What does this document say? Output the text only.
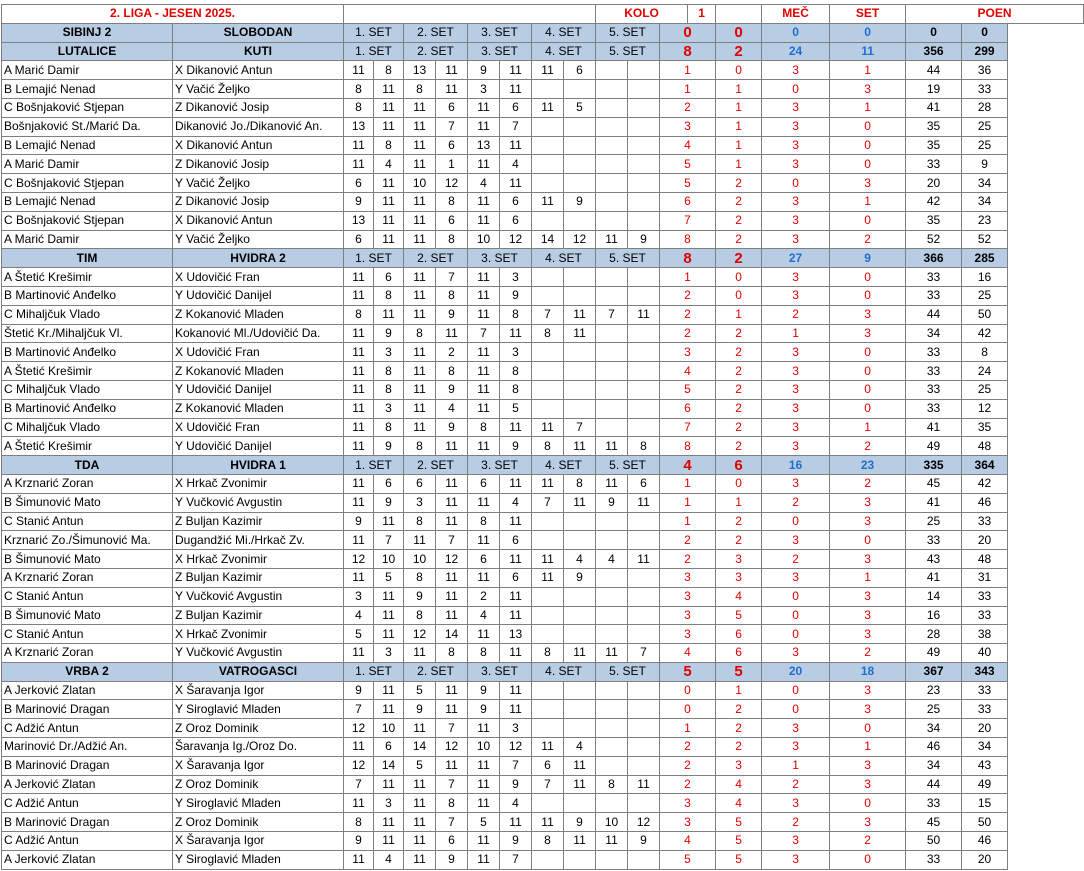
2. LIGA - JESEN 2025.										KOLO			1		MEČ	SET	POEN	
SIBINJ 2	SLOBODAN	1. SET		2. SET		3. SET		4. SET		5. SET		0		0	0	0	0	0
LUTALICE	KUTI	1. SET		2. SET		3. SET		4. SET		5. SET		8		2	24	11	356	299
A Marić Damir	X Dikanović Antun	11	8	13	11	9	11	11	6			1		0	3	1	44	36
B Lemajić Nenad	Y Vačić Željko	8	11	8	11	3	11					1		1	0	3	19	33
C Bošnjaković Stjepan	Z Dikanović Josip	8	11	11	6	11	6	11	5			2		1	3	1	41	28
Bošnjaković St./Marić Da.	Dikanović Jo./Dikanović An.	13	11	11	7	11	7					3		1	3	0	35	25
B Lemajić Nenad	X Dikanović Antun	11	8	11	6	13	11					4		1	3	0	35	25
A Marić Damir	Z Dikanović Josip	11	4	11	1	11	4					5		1	3	0	33	9
C Bošnjaković Stjepan	Y Vačić Željko	6	11	10	12	4	11					5		2	0	3	20	34
B Lemajić Nenad	Z Dikanović Josip	9	11	11	8	11	6	11	9			6		2	3	1	42	34
C Bošnjaković Stjepan	X Dikanović Antun	13	11	11	6	11	6					7		2	3	0	35	23
A Marić Damir	Y Vačić Željko	6	11	11	8	10	12	14	12	11	9	8		2	3	2	52	52
TIM	HVIDRA 2	1. SET		2. SET		3. SET		4. SET		5. SET		8		2	27	9	366	285
A Štetić Krešimir	X Udovičić Fran	11	6	11	7	11	3					1		0	3	0	33	16
B Martinović Anđelko	Y Udovičić Danijel	11	8	11	8	11	9					2		0	3	0	33	25
C Mihaljčuk Vlado	Z Kokanović Mladen	8	11	11	9	11	8	7	11	7	11	2		1	2	3	44	50
Štetić Kr./Mihaljčuk Vl.	Kokanović Ml./Udovičić Da.	11	9	8	11	7	11	8	11			2		2	1	3	34	42
B Martinović Anđelko	X Udovičić Fran	11	3	11	2	11	3					3		2	3	0	33	8
A Štetić Krešimir	Z Kokanović Mladen	11	8	11	8	11	8					4		2	3	0	33	24
C Mihaljčuk Vlado	Y Udovičić Danijel	11	8	11	9	11	8					5		2	3	0	33	25
B Martinović Anđelko	Z Kokanović Mladen	11	3	11	4	11	5					6		2	3	0	33	12
C Mihaljčuk Vlado	X Udovičić Fran	11	8	11	9	8	11	11	7			7		2	3	1	41	35
A Štetić Krešimir	Y Udovičić Danijel	11	9	8	11	11	9	8	11	11	8	8		2	3	2	49	48
TDA	HVIDRA 1	1. SET		2. SET		3. SET		4. SET		5. SET		4		6	16	23	335	364
A Krznarić Zoran	X Hrkač Zvonimir	11	6	6	11	6	11	11	8	11	6	1		0	3	2	45	42
B Šimunović Mato	Y Vučković Avgustin	11	9	3	11	11	4	7	11	9	11	1		1	2	3	41	46
C Stanić Antun	Z Buljan Kazimir	9	11	8	11	8	11					1		2	0	3	25	33
Krznarić Zo./Šimunović Ma.	Dugandžić Mi./Hrkač Zv.	11	7	11	7	11	6					2		2	3	0	33	20
B Šimunović Mato	X Hrkač Zvonimir	12	10	10	12	6	11	11	4	4	11	2		3	2	3	43	48
A Krznarić Zoran	Z Buljan Kazimir	11	5	8	11	11	6	11	9			3		3	3	1	41	31
C Stanić Antun	Y Vučković Avgustin	3	11	9	11	2	11					3		4	0	3	14	33
B Šimunović Mato	Z Buljan Kazimir	4	11	8	11	4	11					3		5	0	3	16	33
C Stanić Antun	X Hrkač Zvonimir	5	11	12	14	11	13					3		6	0	3	28	38
A Krznarić Zoran	Y Vučković Avgustin	11	3	11	8	8	11	8	11	11	7	4		6	3	2	49	40
VRBA 2	VATROGASCI	1. SET		2. SET		3. SET		4. SET		5. SET		5		5	20	18	367	343
A Jerković Zlatan	X Šaravanja Igor	9	11	5	11	9	11					0		1	0	3	23	33
B Marinović Dragan	Y Siroglavić Mladen	7	11	9	11	9	11					0		2	0	3	25	33
C Adžić Antun	Z Oroz Dominik	12	10	11	7	11	3					1		2	3	0	34	20
Marinović Dr./Adžić An.	Šaravanja Ig./Oroz Do.	11	6	14	12	10	12	11	4			2		2	3	1	46	34
B Marinović Dragan	X Šaravanja Igor	12	14	5	11	11	7	6	11			2		3	1	3	34	43
A Jerković Zlatan	Z Oroz Dominik	7	11	11	7	11	9	7	11	8	11	2		4	2	3	44	49
C Adžić Antun	Y Siroglavić Mladen	11	3	11	8	11	4					3		4	3	0	33	15
B Marinović Dragan	Z Oroz Dominik	8	11	11	7	5	11	11	9	10	12	3		5	2	3	45	50
C Adžić Antun	X Šaravanja Igor	9	11	11	6	11	9	8	11	11	9	4		5	3	2	50	46
A Jerković Zlatan	Y Siroglavić Mladen	11	4	11	9	11	7					5		5	3	0	33	20
